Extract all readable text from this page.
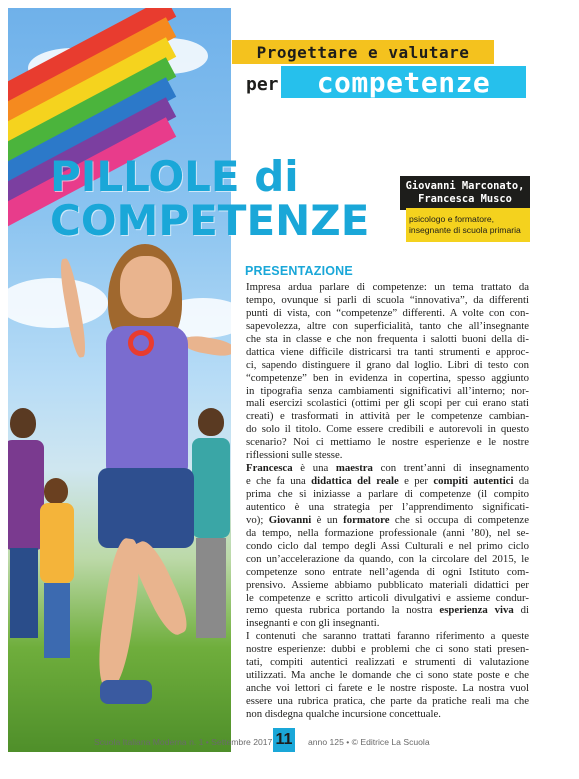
Progettare e valutare
per competenze
PILLOLE di
COMPETENZE
Giovanni Marconato,
Francesca Musco
psicologo e formatore,
insegnante di scuola primaria
PRESENTAZIONE
Impresa ardua parlare di competenze: un tema trattato da
tempo, ovunque si parli di scuola “innovativa”, da differenti
punti di vista, con “competenze” differenti. A volte con con-
sapevolezza, altre con superficialità, tanto che all’insegnante
che sta in classe e che non frequenta i salotti buoni della di-
dattica viene difficile districarsi tra tanti strumenti e approc-
ci, sapendo distinguere il grano dal loglio. Libri di testo con
“competenze” ben in evidenza in copertina, spesso aggiunto
in tipografia senza cambiamenti significativi all’interno; nor-
mali esercizi scolastici (ottimi per gli scopi per cui erano stati
creati) e trasformati in attività per le competenze cambian-
do solo il titolo. Come essere credibili e autorevoli in questo
scenario? Noi ci mettiamo le nostre esperienze e le nostre
riflessioni sulle stesse.
Francesca è una maestra con trent’anni di insegnamento
e che fa una didattica del reale e per compiti autentici da
prima che si iniziasse a parlare di competenze (il compito
autentico è una strategia per l’apprendimento significati-
vo); Giovanni è un formatore che si occupa di competenze
da tempo, nella formazione professionale (anni ’80), nel se-
condo ciclo dal tempo degli Assi Culturali e nel primo ciclo
con un’accelerazione da quando, con la circolare del 2015, le
competenze sono entrate nell’agenda di ogni Istituto com-
prensivo. Assieme abbiamo pubblicato materiali didattici per
le competenze e scritto articoli divulgativi e assieme condur-
remo questa rubrica portando la nostra esperienza viva di
insegnanti e con gli insegnanti.
I contenuti che saranno trattati faranno riferimento a queste
nostre esperienze: dubbi e problemi che ci sono stati presen-
tati, compiti autentici realizzati e strumenti di valutazione
utilizzati. Ma anche le domande che ci sono state poste e che
anche voi lettori ci farete e le nostre risposte. La nostra vuol
essere una rubrica pratica, che parte da pratiche reali ma che
non disdegna qualche incursione concettuale.
Scuola Italiana Moderna n. 1 • Settembre 2017 11 anno 125 • © Editrice La Scuola
